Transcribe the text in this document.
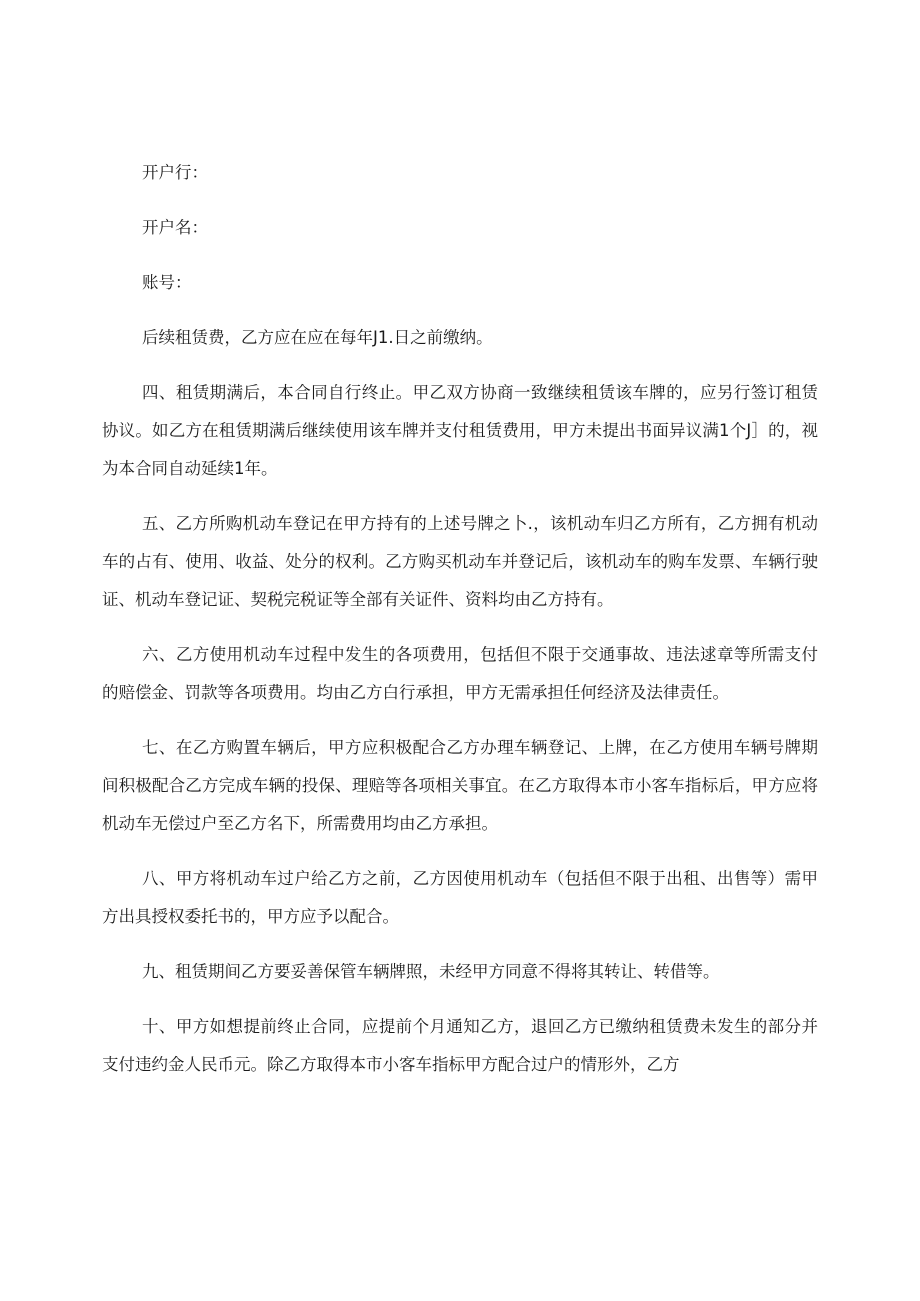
开户行：

开户名：

账号：

后续租赁费，乙方应在应在每年J1.日之前缴纳。

四、租赁期满后，本合同自行终止。甲乙双方协商一致继续租赁该车牌的，应另行签订租赁协议。如乙方在租赁期满后继续使用该车牌并支付租赁费用，甲方未提出书面异议满1个J］的，视为本合同自动延续1年。

五、乙方所购机动车登记在甲方持有的上述号牌之卜.，该机动车归乙方所有，乙方拥有机动车的占有、使用、收益、处分的权利。乙方购买机动车并登记后，该机动车的购车发票、车辆行驶证、机动车登记证、契税完税证等全部有关证件、资料均由乙方持有。

六、乙方使用机动车过程中发生的各项费用，包括但不限于交通事故、违法逑章等所需支付的赔偿金、罚款等各项费用。均由乙方白行承担，甲方无需承担任何经济及法律责任。

七、在乙方购置车辆后，甲方应积极配合乙方办理车辆登记、上牌，在乙方使用车辆号牌期间积极配合乙方完成车辆的投保、理赔等各项相关事宜。在乙方取得本市小客车指标后，甲方应将机动车无偿过户至乙方名下，所需费用均由乙方承担。

八、甲方将机动车过户给乙方之前，乙方因使用机动车（包括但不限于出租、出售等）需甲方出具授权委托书的，甲方应予以配合。

九、租赁期间乙方要妥善保管车辆牌照，未经甲方同意不得将其转让、转借等。

十、甲方如想提前终止合同，应提前个月通知乙方，退回乙方已缴纳租赁费未发生的部分并支付违约金人民币元。除乙方取得本市小客车指标甲方配合过户的情形外，乙方
